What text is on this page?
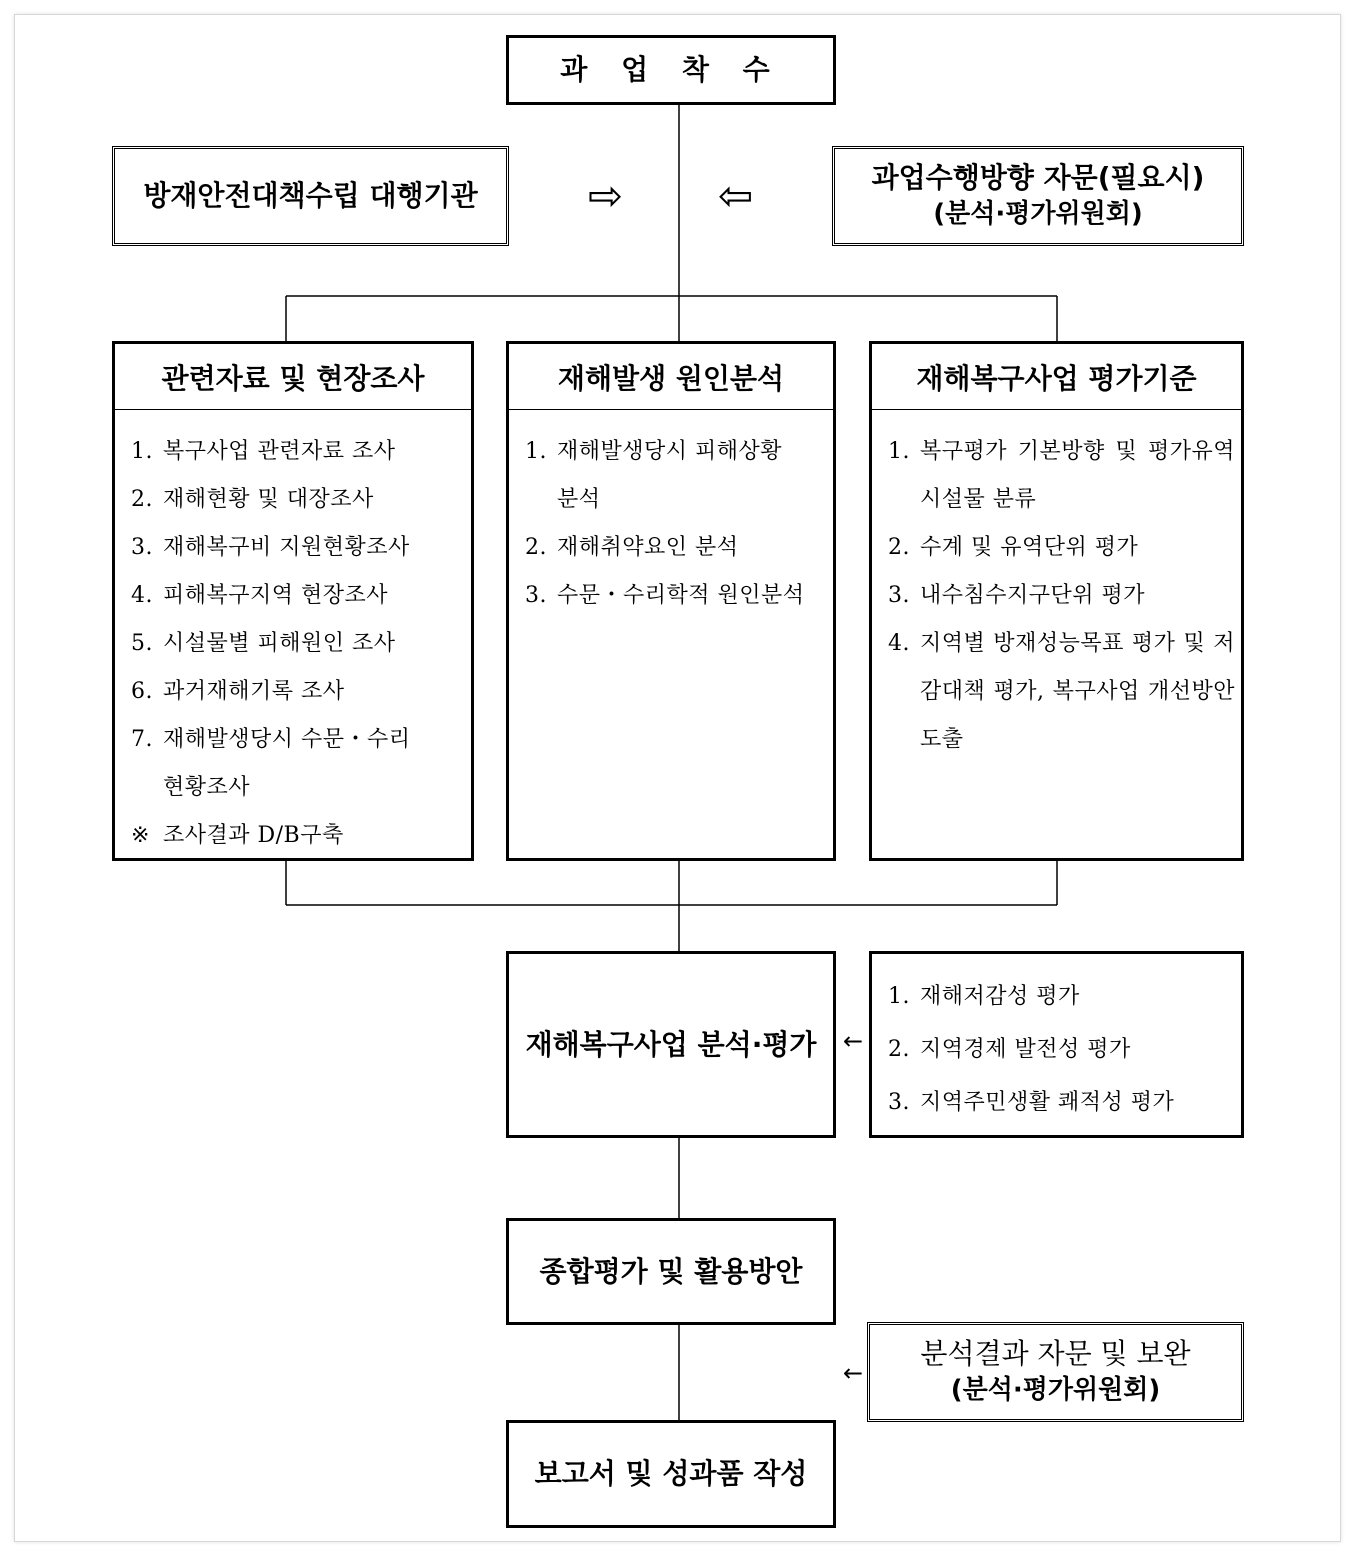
과 업 착 수
방재안전대책수립 대행기관	⇨ ⇦	과업수행방향 자문(필요시)
(분석·평가위원회)
관련자료 및 현장조사
1. 복구사업 관련자료 조사
2. 재해현황 및 대장조사
3. 재해복구비 지원현황조사
4. 피해복구지역 현장조사
5. 시설물별 피해원인 조사
6. 과거재해기록 조사
7. 재해발생당시 수문・수리 현황조사
※ 조사결과 D/B구축
재해발생 원인분석
1. 재해발생당시 피해상황 분석
2. 재해취약요인 분석
3. 수문・수리학적 원인분석
재해복구사업 평가기준
1. 복구평가 기본방향 및 평가유역 시설물 분류
2. 수계 및 유역단위 평가
3. 내수침수지구단위 평가
4. 지역별 방재성능목표 평가 및 저감대책 평가, 복구사업 개선방안 도출
재해복구사업 분석·평가 ←
1. 재해저감성 평가
2. 지역경제 발전성 평가
3. 지역주민생활 쾌적성 평가
종합평가 및 활용방안
←
분석결과 자문 및 보완
(분석·평가위원회)
보고서 및 성과품 작성
